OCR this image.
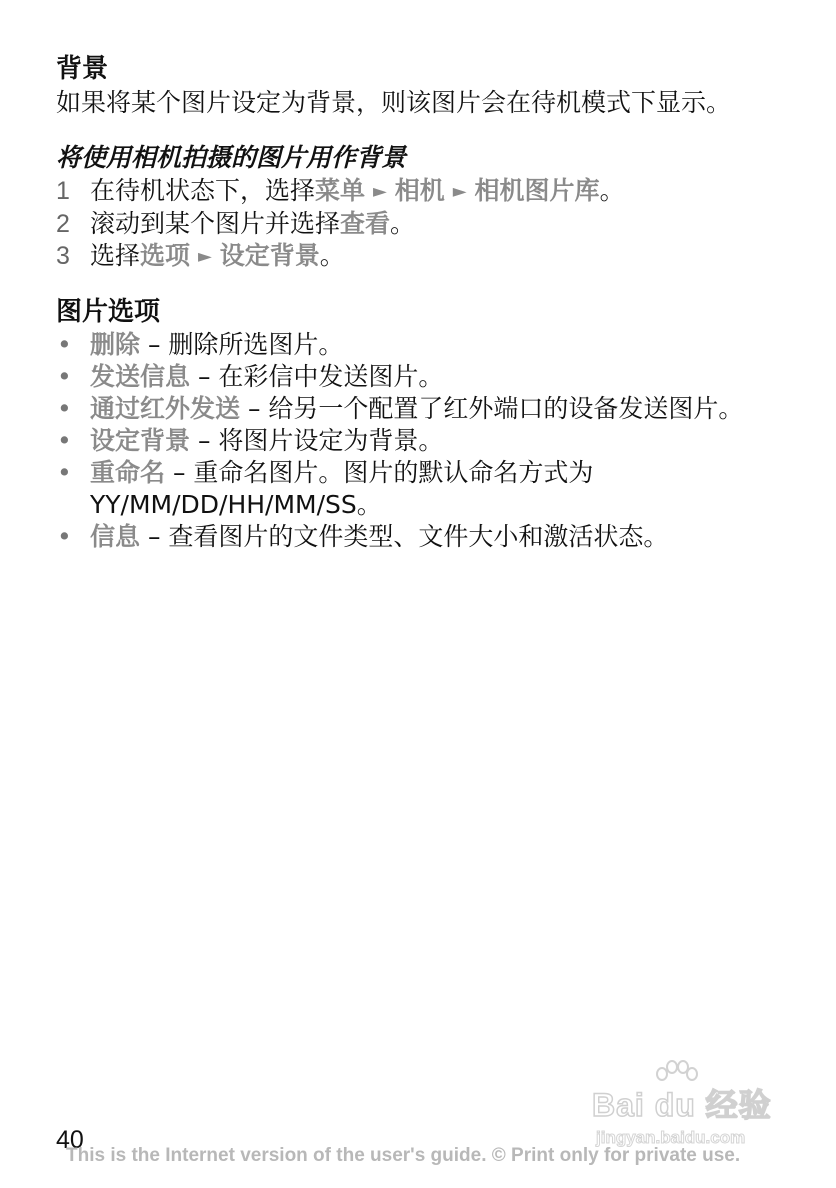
背景

如果将某个图片设定为背景，则该图片会在待机模式下显示。

将使用相机拍摄的图片用作背景

1 在待机状态下，选择菜单 ► 相机 ► 相机图片库。
2 滚动到某个图片并选择查看。
3 选择选项 ► 设定背景。
图片选项
• 删除 – 删除所选图片。
• 发送信息 – 在彩信中发送图片。
• 通过红外发送 – 给另一个配置了红外端口的设备发送图片。
• 设定背景 – 将图片设定为背景。
• 重命名 – 重命名图片。图片的默认命名方式为 YY/MM/DD/HH/MM/SS。
• 信息 – 查看图片的文件类型、文件大小和激活状态。
Bai du 经验
jingyan.baidu.com
40
This is the Internet version of the user's guide. © Print only for private use.
